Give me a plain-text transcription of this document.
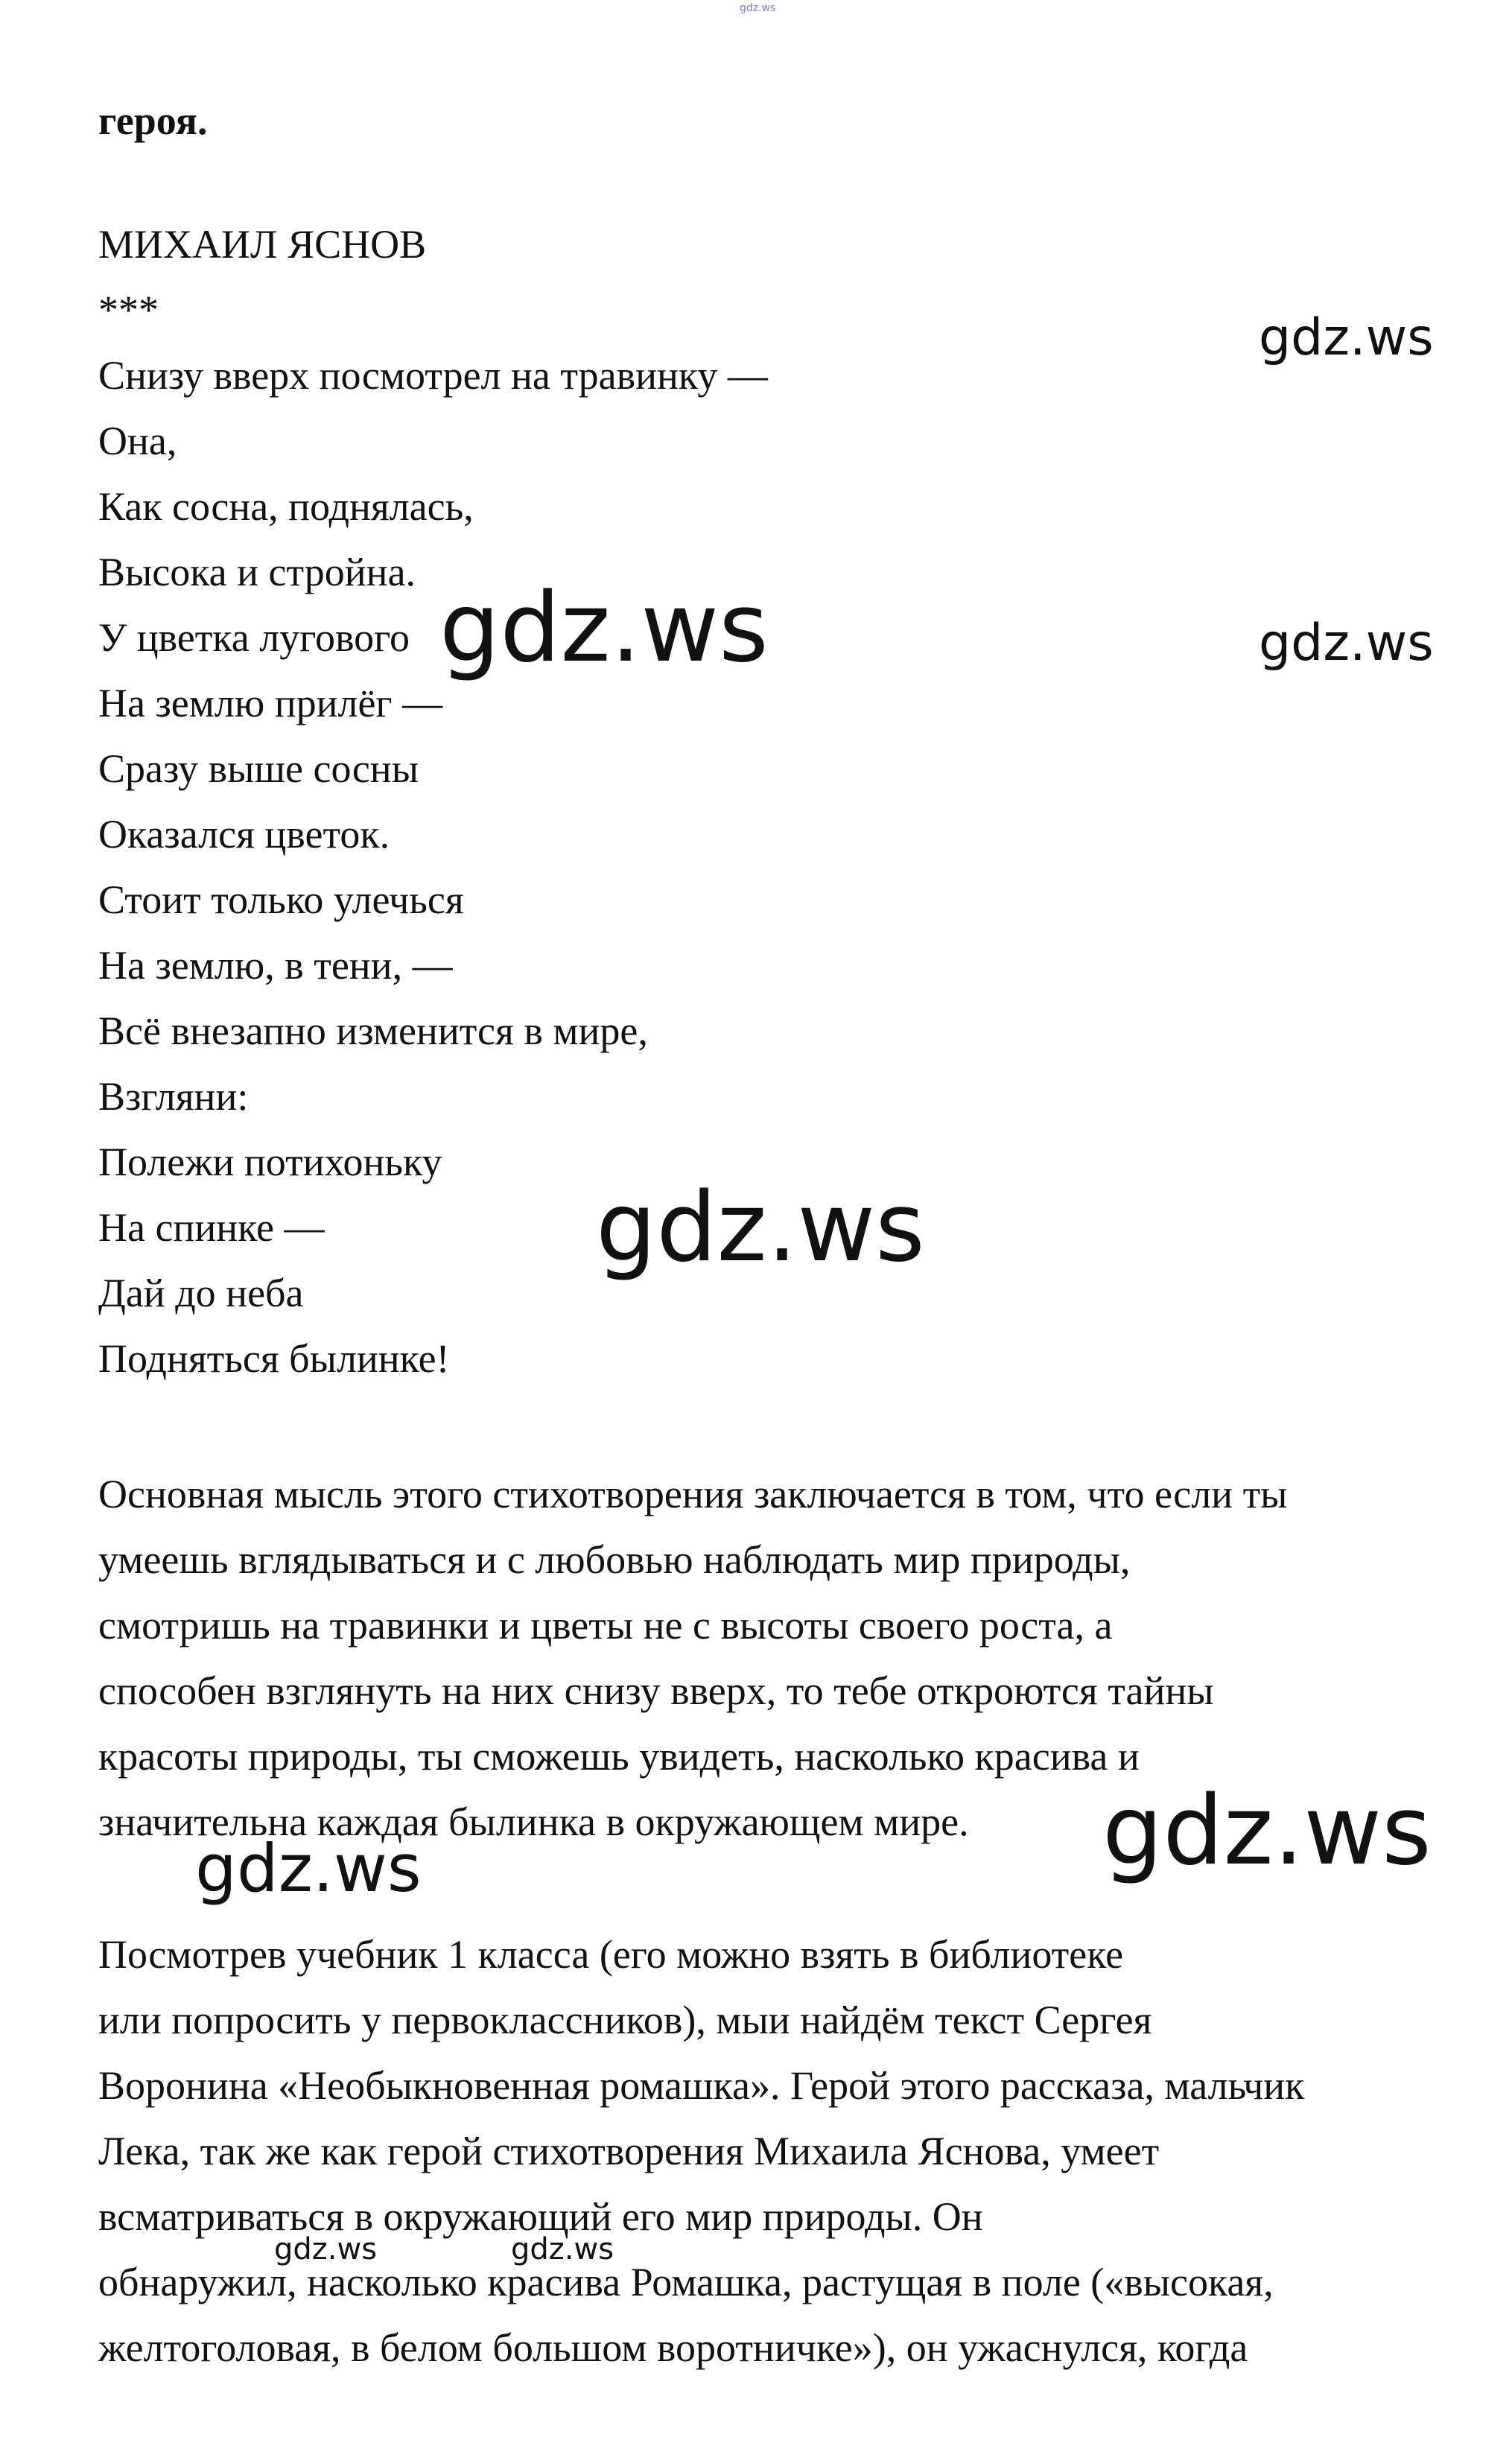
героя.
МИХАИЛ ЯСНОВ
***
Снизу вверх посмотрел на травинку —
Она,
Как сосна, поднялась,
Высока и стройна.
У цветка лугового
На землю прилёг —
Сразу выше сосны
Оказался цветок.
Стоит только улечься
На землю, в тени, —
Всё внезапно изменится в мире,
Взгляни:
Полежи потихоньку
На спинке —
Дай до неба
Подняться былинке!
Основная мысль этого стихотворения заключается в том, что если ты
умеешь вглядываться и с любовью наблюдать мир природы,
смотришь на травинки и цветы не с высоты своего роста, а
способен взглянуть на них снизу вверх, то тебе откроются тайны
красоты природы, ты сможешь увидеть, насколько красива и
значительна каждая былинка в окружающем мире.
Посмотрев учебник 1 класса (его можно взять в библиотеке
или попросить у первоклассников), мыи найдём текст Сергея
Воронина «Необыкновенная ромашка». Герой этого рассказа, мальчик
Лека, так же как герой стихотворения Михаила Яснова, умеет
всматриваться в окружающий его мир природы. Он
обнаружил, насколько красива Ромашка, растущая в поле («высокая,
желтоголовая, в белом большом воротничке»), он ужаснулся, когда
gdz.ws
gdz.ws
gdz.ws	gdz.ws
gdz.ws
gdz.ws
gdz.ws
gdz.ws	gdz.ws
